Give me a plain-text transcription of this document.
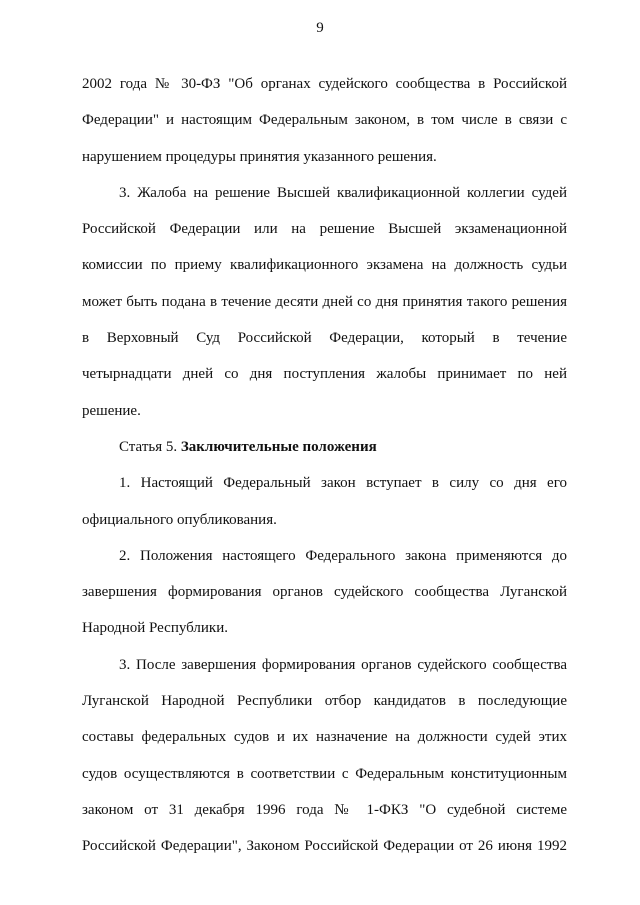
9
2002 года № 30-ФЗ "Об органах судейского сообщества в Российской
Федерации" и настоящим Федеральным законом, в том числе в связи с
нарушением процедуры принятия указанного решения.
3. Жалоба на решение Высшей квалификационной коллегии судей
Российской Федерации или на решение Высшей экзаменационной
комиссии по приему квалификационного экзамена на должность судьи
может быть подана в течение десяти дней со дня принятия такого решения
в Верховный Суд Российской Федерации, который в течение
четырнадцати дней со дня поступления жалобы принимает по ней
решение.
Статья 5. Заключительные положения
1. Настоящий Федеральный закон вступает в силу со дня его
официального опубликования.
2. Положения настоящего Федерального закона применяются до
завершения формирования органов судейского сообщества Луганской
Народной Республики.
3. После завершения формирования органов судейского сообщества
Луганской Народной Республики отбор кандидатов в последующие
составы федеральных судов и их назначение на должности судей этих
судов осуществляются в соответствии с Федеральным конституционным
законом от 31 декабря 1996 года № 1-ФКЗ "О судебной системе
Российской Федерации", Законом Российской Федерации от 26 июня 1992
